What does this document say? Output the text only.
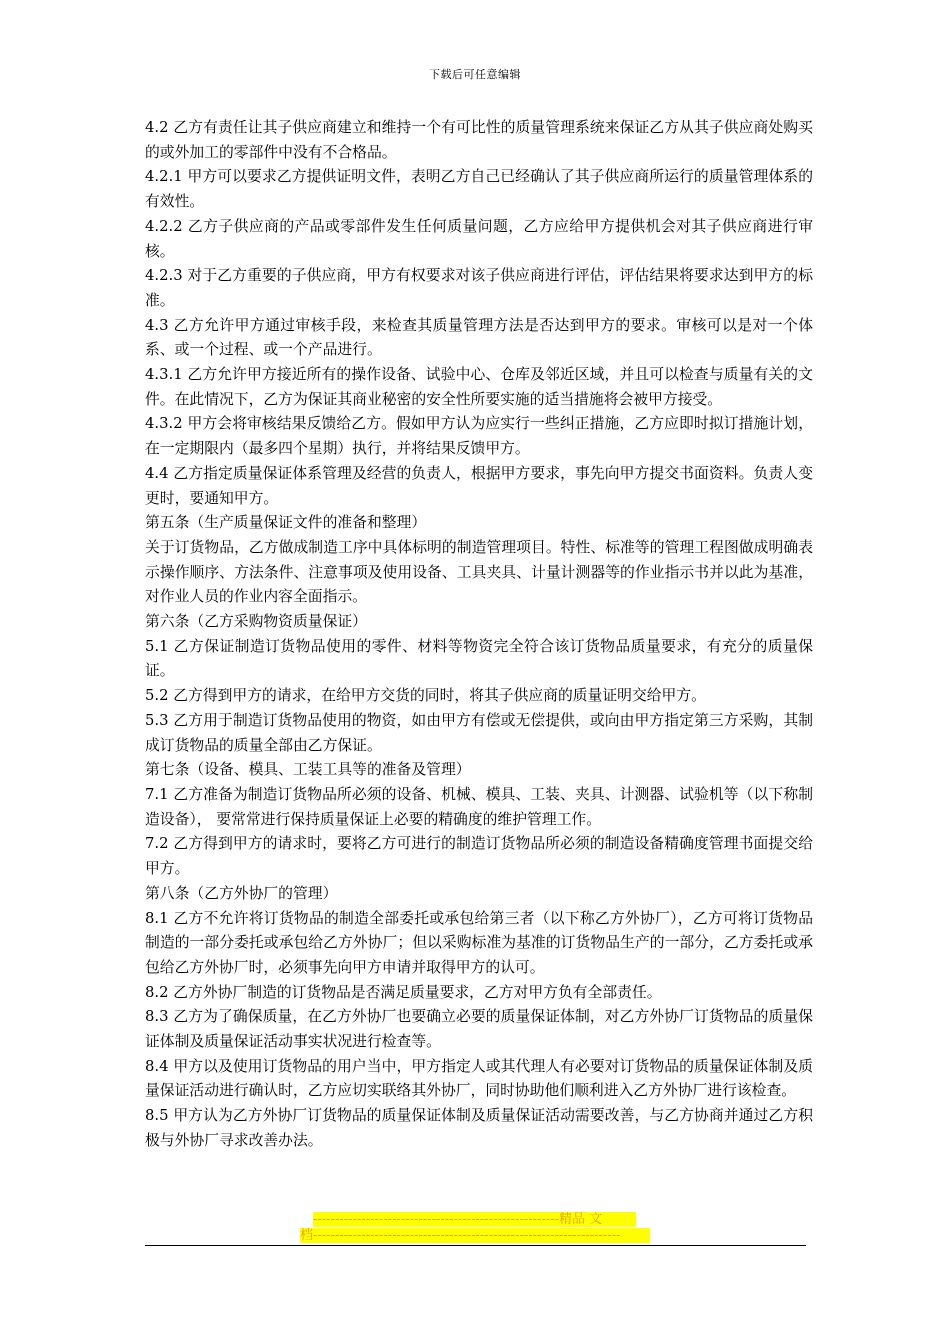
下载后可任意编辑

4.2 乙方有责任让其子供应商建立和维持一个有可比性的质量管理系统来保证乙方从其子供应商处购买的或外加工的零部件中没有不合格品。

4.2.1 甲方可以要求乙方提供证明文件，表明乙方自己已经确认了其子供应商所运行的质量管理体系的有效性。

4.2.2 乙方子供应商的产品或零部件发生任何质量问题，乙方应给甲方提供机会对其子供应商进行审核。

4.2.3 对于乙方重要的子供应商，甲方有权要求对该子供应商进行评估，评估结果将要求达到甲方的标准。

4.3 乙方允许甲方通过审核手段，来检查其质量管理方法是否达到甲方的要求。审核可以是对一个体系、或一个过程、或一个产品进行。

4.3.1 乙方允许甲方接近所有的操作设备、试验中心、仓库及邻近区域，并且可以检查与质量有关的文件。在此情况下，乙方为保证其商业秘密的安全性所要实施的适当措施将会被甲方接受。

4.3.2 甲方会将审核结果反馈给乙方。假如甲方认为应实行一些纠正措施，乙方应即时拟订措施计划，在一定期限内（最多四个星期）执行，并将结果反馈甲方。

4.4 乙方指定质量保证体系管理及经营的负责人，根据甲方要求，事先向甲方提交书面资料。负责人变更时，要通知甲方。

第五条（生产质量保证文件的准备和整理）

关于订货物品，乙方做成制造工序中具体标明的制造管理项目。特性、标准等的管理工程图做成明确表示操作顺序、方法条件、注意事项及使用设备、工具夹具、计量计测器等的作业指示书并以此为基准，对作业人员的作业内容全面指示。

第六条（乙方采购物资质量保证）

5.1 乙方保证制造订货物品使用的零件、材料等物资完全符合该订货物品质量要求，有充分的质量保证。

5.2 乙方得到甲方的请求，在给甲方交货的同时，将其子供应商的质量证明交给甲方。

5.3 乙方用于制造订货物品使用的物资，如由甲方有偿或无偿提供，或向由甲方指定第三方采购，其制成订货物品的质量全部由乙方保证。

第七条（设备、模具、工装工具等的准备及管理）

7.1 乙方准备为制造订货物品所必须的设备、机械、模具、工装、夹具、计测器、试验机等（以下称制造设备）， 要常常进行保持质量保证上必要的精确度的维护管理工作。

7.2 乙方得到甲方的请求时，要将乙方可进行的制造订货物品所必须的制造设备精确度管理书面提交给甲方。

第八条（乙方外协厂的管理）

8.1 乙方不允许将订货物品的制造全部委托或承包给第三者（以下称乙方外协厂），乙方可将订货物品制造的一部分委托或承包给乙方外协厂；但以采购标准为基准的订货物品生产的一部分，乙方委托或承包给乙方外协厂时，必须事先向甲方申请并取得甲方的认可。

8.2 乙方外协厂制造的订货物品是否满足质量要求，乙方对甲方负有全部责任。

8.3 乙方为了确保质量，在乙方外协厂也要确立必要的质量保证体制，对乙方外协厂订货物品的质量保证体制及质量保证活动事实状况进行检查等。

8.4 甲方以及使用订货物品的用户当中，甲方指定人或其代理人有必要对订货物品的质量保证体制及质量保证活动进行确认时，乙方应切实联络其外协厂，同时协助他们顺利进入乙方外协厂进行该检查。

8.5 甲方认为乙方外协厂订货物品的质量保证体制及质量保证活动需要改善，与乙方协商并通过乙方积极与外协厂寻求改善办法。

--------------------------------------------------------精品 文
档----------------------------------------------------------------------
